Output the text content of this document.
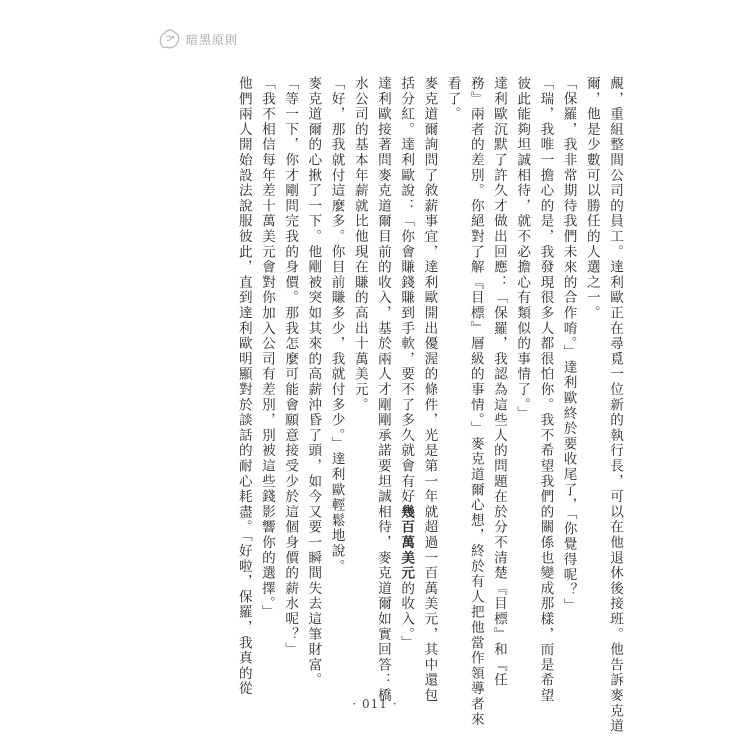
暗黑原則
覤，重組整間公司的員工。達利歐正在尋覓一位新的執行長，可以在他退休後接班。他告訴麥克道
爾，他是少數可以勝任的人選之一。
「保羅，我非常期待我們未來的合作唷。」達利歐終於要收尾了，「你覺得呢？」
「瑞，我唯一擔心的是，我發現很多人都很怕你。我不希望我們的關係也變成那樣，而是希望
彼此能夠坦誠相待，就不必擔心有類似的事情了。」
達利歐沉默了許久才做出回應：「保羅，我認為這些人的問題在於分不清楚『目標』和『任
務』兩者的差別。你絕對了解『目標』層級的事情。」麥克道爾心想，終於有人把他當作領導者來
看了。
麥克道爾詢問了敘薪事宜，達利歐開出優渥的條件，光是第一年就超過一百萬美元，其中還包
括分紅。達利歐說：「你會賺錢賺到手軟，要不了多久就會有好幾百萬美元的收入。」
達利歐接著問麥克道爾目前的收入，基於兩人才剛剛承諾要坦誠相待，麥克道爾如實回答：橋
水公司的基本年薪就比他現在賺的高出十萬美元。
「好，那我就付這麼多。你目前賺多少，我就付多少。」達利歐輕鬆地說。
麥克道爾的心揪了一下。他剛被突如其來的高薪沖昏了頭，如今又要一瞬間失去這筆財富。
「等一下，你才剛問完我的身價。那我怎麼可能會願意接受少於這個身價的薪水呢？」
「我不相信每年差十萬美元會對你加入公司有差別，別被這些錢影響你的選擇。」
他們兩人開始設法說服彼此，直到達利歐明顯對於談話的耐心耗盡。「好啦，保羅，我真的從
· 011 ·
